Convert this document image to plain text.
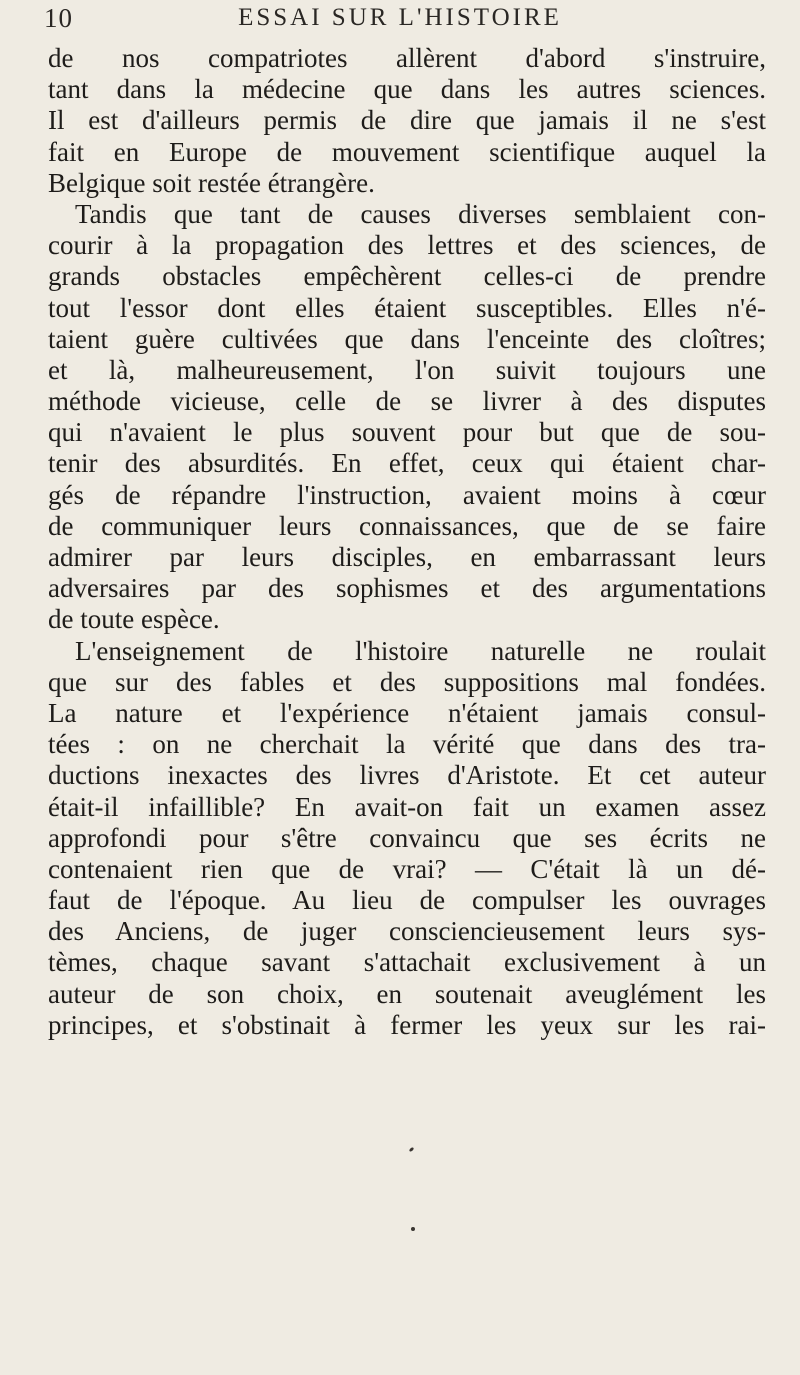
10	ESSAI SUR L'HISTOIRE
de nos compatriotes allèrent d'abord s'instruire,
tant dans la médecine que dans les autres sciences.
Il est d'ailleurs permis de dire que jamais il ne s'est
fait en Europe de mouvement scientifique auquel la
Belgique soit restée étrangère.
Tandis que tant de causes diverses semblaient con-
courir à la propagation des lettres et des sciences, de
grands obstacles empêchèrent celles-ci de prendre
tout l'essor dont elles étaient susceptibles. Elles n'é-
taient guère cultivées que dans l'enceinte des cloîtres;
et là, malheureusement, l'on suivit toujours une
méthode vicieuse, celle de se livrer à des disputes
qui n'avaient le plus souvent pour but que de sou-
tenir des absurdités. En effet, ceux qui étaient char-
gés de répandre l'instruction, avaient moins à cœur
de communiquer leurs connaissances, que de se faire
admirer par leurs disciples, en embarrassant leurs
adversaires par des sophismes et des argumentations
de toute espèce.
L'enseignement de l'histoire naturelle ne roulait
que sur des fables et des suppositions mal fondées.
La nature et l'expérience n'étaient jamais consul-
tées : on ne cherchait la vérité que dans des tra-
ductions inexactes des livres d'Aristote. Et cet auteur
était-il infaillible? En avait-on fait un examen assez
approfondi pour s'être convaincu que ses écrits ne
contenaient rien que de vrai? — C'était là un dé-
faut de l'époque. Au lieu de compulser les ouvrages
des Anciens, de juger consciencieusement leurs sys-
tèmes, chaque savant s'attachait exclusivement à un
auteur de son choix, en soutenait aveuglément les
principes, et s'obstinait à fermer les yeux sur les rai-
